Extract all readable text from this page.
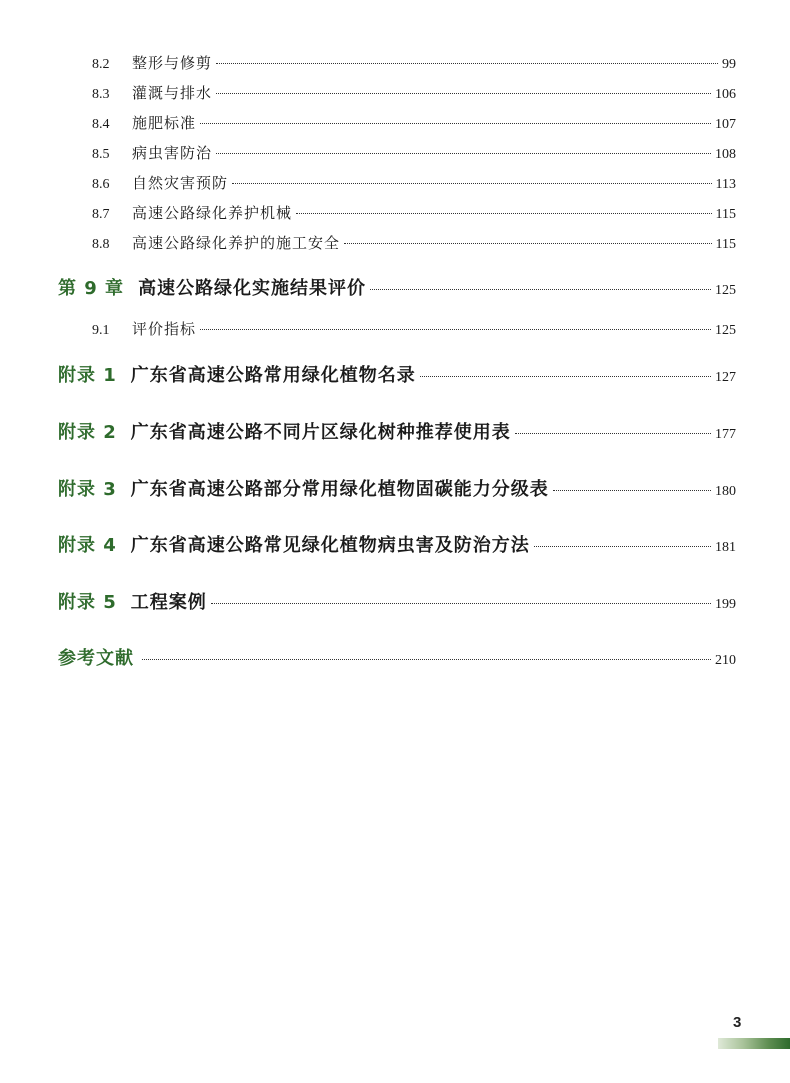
8.2	整形与修剪	99
8.3	灌溉与排水	106
8.4	施肥标准	107
8.5	病虫害防治	108
8.6	自然灾害预防	113
8.7	高速公路绿化养护机械	115
8.8	高速公路绿化养护的施工安全	115
第 9 章 高速公路绿化实施结果评价	125
9.1	评价指标	125
附录 1 广东省高速公路常用绿化植物名录	127
附录 2 广东省高速公路不同片区绿化树种推荐使用表	177
附录 3 广东省高速公路部分常用绿化植物固碳能力分级表	180
附录 4 广东省高速公路常见绿化植物病虫害及防治方法	181
附录 5 工程案例	199
参考文献	210
3
